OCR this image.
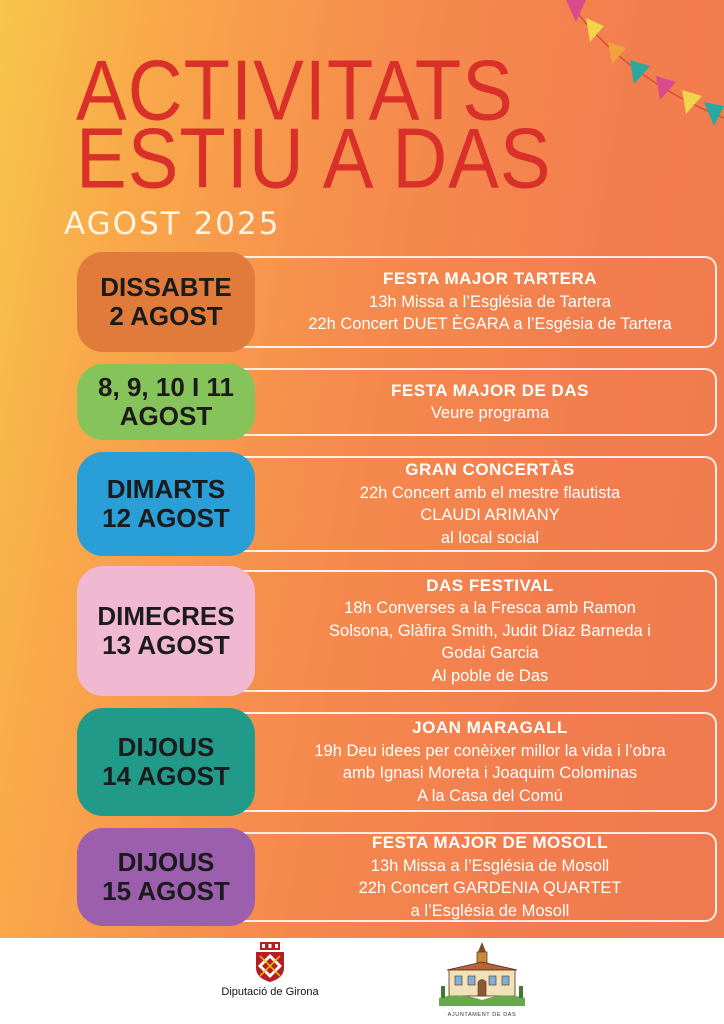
ACTIVITATS
ESTIU A DAS
AGOST 2025
DISSABTE
2 AGOST
FESTA MAJOR TARTERA
13h Missa a l’Església de Tartera
22h Concert DUET ÈGARA a l’Esgésia de Tartera
8, 9, 10 I 11
AGOST
FESTA MAJOR DE DAS
Veure programa
DIMARTS
12 AGOST
GRAN CONCERTÀS
22h Concert amb el mestre flautista
CLAUDI ARIMANY
al local social
DIMECRES
13 AGOST
DAS FESTIVAL
18h Converses a la Fresca amb Ramon
Solsona, Glàfira Smith, Judit Díaz Barneda i
Godai Garcia
Al poble de Das
DIJOUS
14 AGOST
JOAN MARAGALL
19h Deu idees per conèixer millor la vida i l’obra
amb Ignasi Moreta i Joaquim Colominas
A la Casa del Comú
DIJOUS
15 AGOST
FESTA MAJOR DE MOSOLL
13h Missa a l’Església de Mosoll
22h Concert GARDENIA QUARTET
a l’Església de Mosoll
Diputació de Girona
AJUNTAMENT DE DAS
